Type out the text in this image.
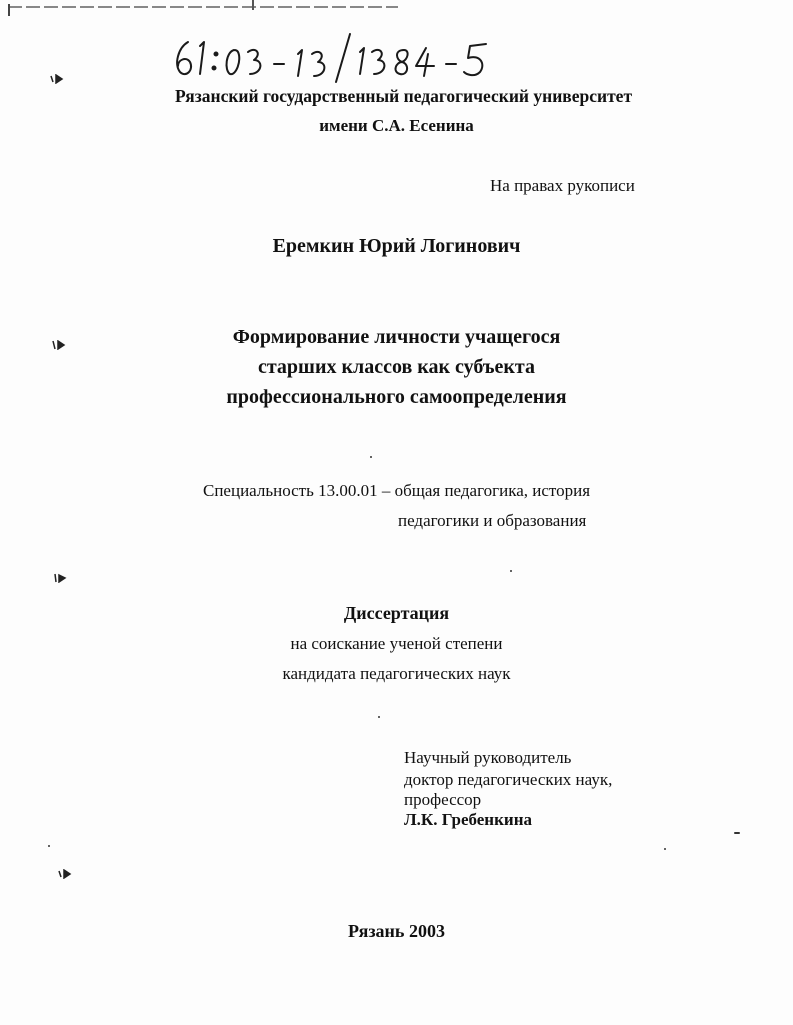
Рязанский государственный педагогический университет
имени С.А. Есенина
На правах рукописи
Еремкин Юрий Логинович
Формирование личности учащегося
старших классов как субъекта
профессионального самоопределения
Специальность 13.00.01 – общая педагогика, история
педагогики и образования
Диссертация
на соискание ученой степени
кандидата педагогических наук
Научный руководитель
доктор педагогических наук,
профессор
Л.К. Гребенкина
Рязань 2003
